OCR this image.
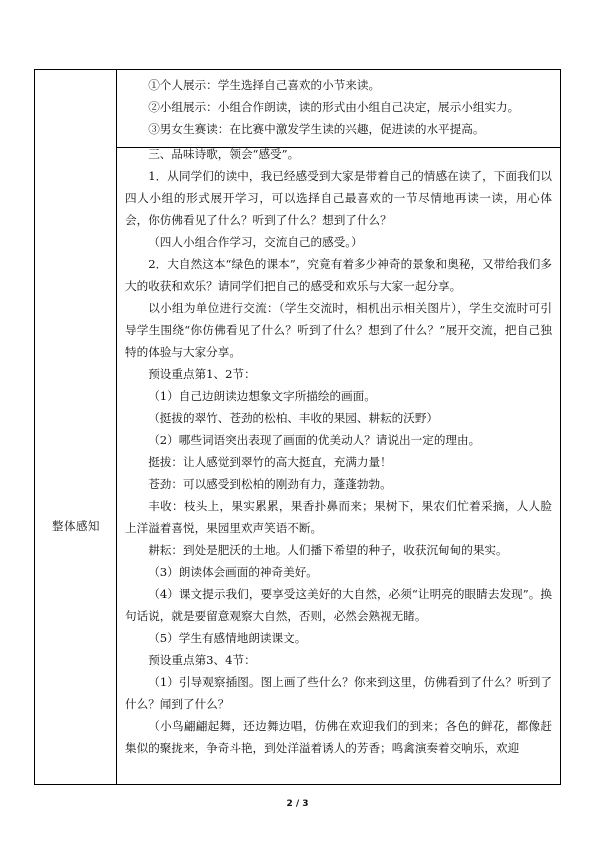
整体感知

①个人展示：学生选择自己喜欢的小节来读。

②小组展示：小组合作朗读，读的形式由小组自己决定，展示小组实力。

③男女生赛读：在比赛中激发学生读的兴趣，促进读的水平提高。

三、品味诗歌，领会“感受”。

1．从同学们的读中，我已经感受到大家是带着自己的情感在读了，下面我们以四人小组的形式展开学习，可以选择自己最喜欢的一节尽情地再读一读，用心体会，你仿佛看见了什么？听到了什么？想到了什么？

（四人小组合作学习，交流自己的感受。）

2．大自然这本“绿色的课本”，究竟有着多少神奇的景象和奥秘，又带给我们多大的收获和欢乐？请同学们把自己的感受和欢乐与大家一起分享。

以小组为单位进行交流：（学生交流时，相机出示相关图片），学生交流时可引导学生围绕“你仿佛看见了什么？听到了什么？想到了什么？”展开交流，把自己独特的体验与大家分享。

预设重点第1、2节：

（1）自己边朗读边想象文字所描绘的画面。

（挺拔的翠竹、苍劲的松柏、丰收的果园、耕耘的沃野）

（2）哪些词语突出表现了画面的优美动人？请说出一定的理由。

挺拔：让人感觉到翠竹的高大挺直，充满力量！

苍劲：可以感受到松柏的刚劲有力，蓬蓬勃勃。

丰收：枝头上，果实累累，果香扑鼻而来；果树下，果农们忙着采摘，人人脸上洋溢着喜悦，果园里欢声笑语不断。

耕耘：到处是肥沃的土地。人们播下希望的种子，收获沉甸甸的果实。

（3）朗读体会画面的神奇美好。

（4）课文提示我们，要享受这美好的大自然，必须“让明亮的眼睛去发现”。换句话说，就是要留意观察大自然，否则，必然会熟视无睹。

（5）学生有感情地朗读课文。

预设重点第3、4节：

（1）引导观察插图。图上画了些什么？你来到这里，仿佛看到了什么？听到了什么？闻到了什么？

（小鸟翩翩起舞，还边舞边唱，仿佛在欢迎我们的到来；各色的鲜花，都像赶集似的聚拢来，争奇斗艳，到处洋溢着诱人的芳香；鸣禽演奏着交响乐，欢迎

2 / 3
